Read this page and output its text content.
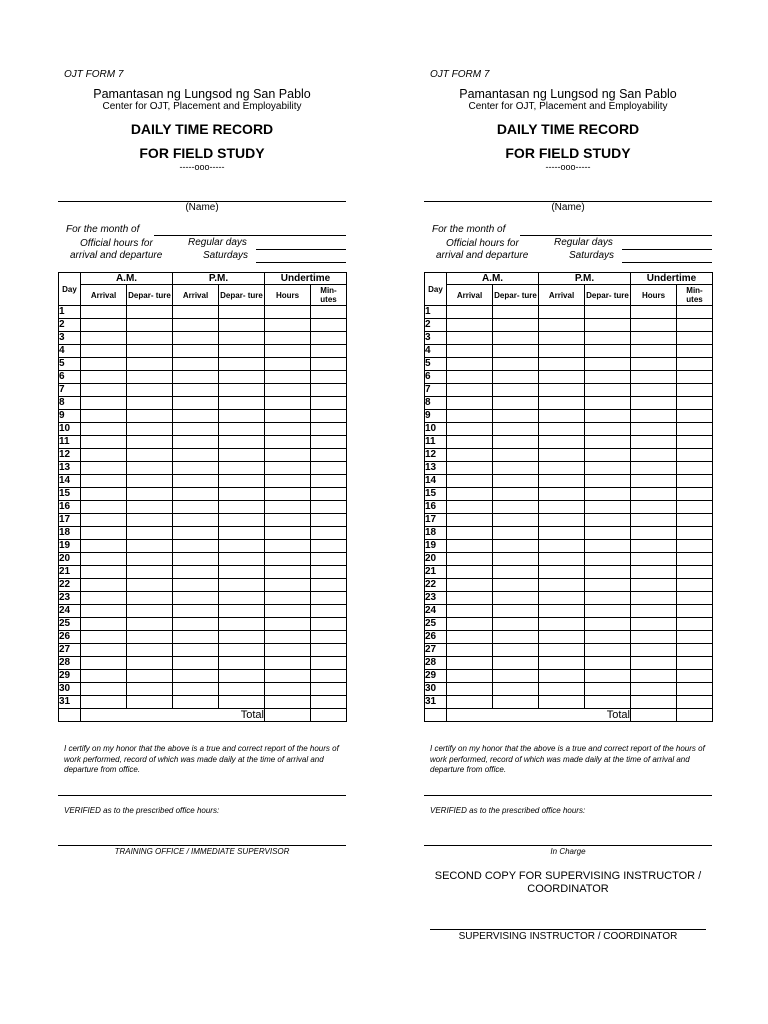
OJT FORM 7
Pamantasan ng Lungsod ng San Pablo
Center for OJT, Placement and Employability
DAILY TIME RECORD
FOR FIELD STUDY
-----ooo-----
(Name)
For the month of
Official hours for
arrival and departure
Regular days
Saturdays
Day	A.M.		P.M.		Undertime	
	Arrival	Depar- ture	Arrival	Depar- ture	Hours	Min- utes
1						
2						
3						
4						
5						
6						
7						
8						
9						
10						
11						
12						
13						
14						
15						
16						
17						
18						
19						
20						
21						
22						
23						
24						
25						
26						
27						
28						
29						
30						
31						
	Total					
I certify on my honor that the above is a true and correct report of the hours of work performed, record of which was made daily at the time of arrival and departure from office.
VERIFIED as to the prescribed office hours:
TRAINING OFFICE / IMMEDIATE SUPERVISOR
OJT FORM 7
Pamantasan ng Lungsod ng San Pablo
Center for OJT, Placement and Employability
DAILY TIME RECORD
FOR FIELD STUDY
-----ooo-----
(Name)
For the month of
Official hours for
arrival and departure
Regular days
Saturdays
Day	A.M.		P.M.		Undertime	
	Arrival	Depar- ture	Arrival	Depar- ture	Hours	Min- utes
1						
2						
3						
4						
5						
6						
7						
8						
9						
10						
11						
12						
13						
14						
15						
16						
17						
18						
19						
20						
21						
22						
23						
24						
25						
26						
27						
28						
29						
30						
31						
	Total					
I certify on my honor that the above is a true and correct report of the hours of work performed, record of which was made daily at the time of arrival and departure from office.
VERIFIED as to the prescribed office hours:
In Charge
SECOND COPY FOR SUPERVISING INSTRUCTOR / COORDINATOR
SUPERVISING INSTRUCTOR / COORDINATOR
